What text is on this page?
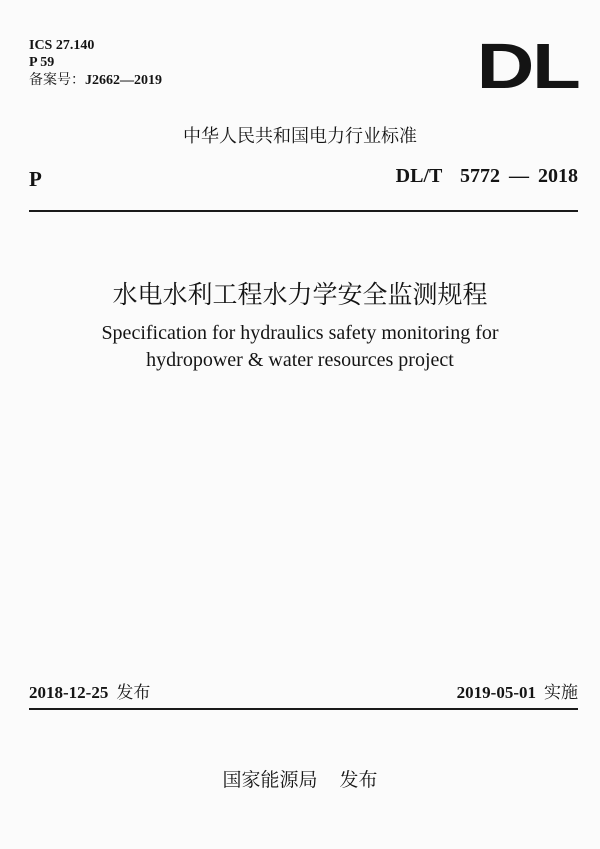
ICS 27.140
P 59
备案号：J2662—2019	DL
中华人民共和国电力行业标准
P	DL/T  5772 — 2018
水电水利工程水力学安全监测规程
Specification for hydraulics safety monitoring for
hydropower & water resources project
2018-12-25 发布	2019-05-01 实施
国家能源局 发布
